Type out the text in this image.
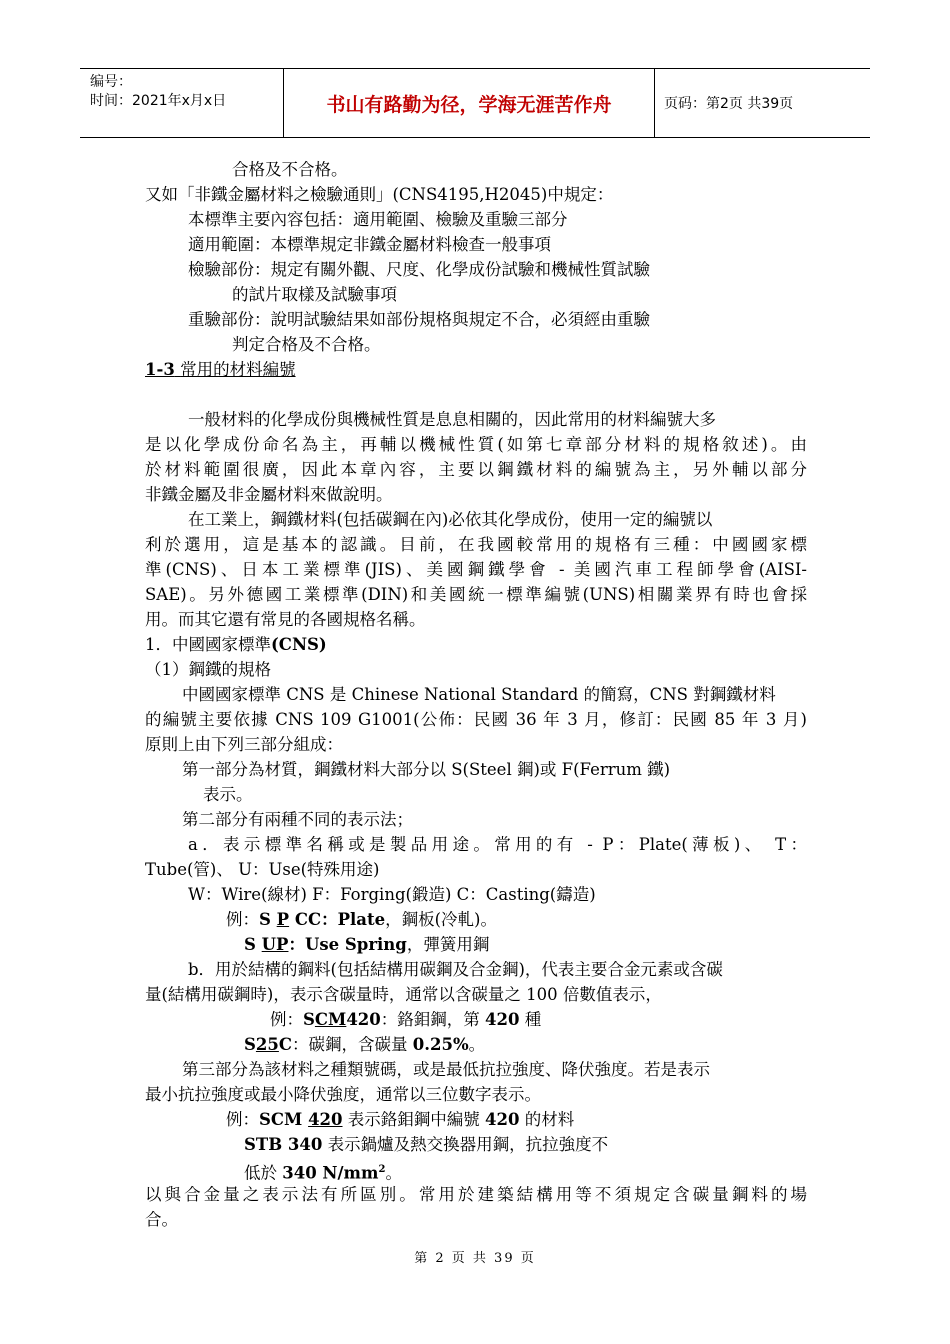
编号：
时间：2021年x月x日	书山有路勤为径，学海无涯苦作舟	页码：第2页 共39页
合格及不合格。
又如「非鐵金屬材料之檢驗通則」(CNS4195,H2045)中規定：
本標準主要內容包括：適用範圍、檢驗及重驗三部分
適用範圍：本標準規定非鐵金屬材料檢查一般事項
檢驗部份：規定有關外觀、尺度、化學成份試驗和機械性質試驗
的試片取樣及試驗事項
重驗部份：說明試驗結果如部份規格與規定不合，必須經由重驗
判定合格及不合格。
1-3 常用的材料編號
一般材料的化學成份與機械性質是息息相關的，因此常用的材料編號大多
是以化學成份命名為主，再輔以機械性質(如第七章部分材料的規格敘述)。由
於材料範圍很廣，因此本章內容，主要以鋼鐵材料的編號為主，另外輔以部分
非鐵金屬及非金屬材料來做說明。
在工業上，鋼鐵材料(包括碳鋼在內)必依其化學成份，使用一定的編號以
利於選用，這是基本的認識。目前，在我國較常用的規格有三種：中國國家標
準(CNS)、日本工業標準(JIS)、美國鋼鐵學會 - 美國汽車工程師學會(AISI-
SAE)。另外德國工業標準(DIN)和美國統一標準編號(UNS)相關業界有時也會採
用。而其它還有常見的各國規格名稱。
1．中國國家標準(CNS)
（1）鋼鐵的規格
中國國家標準 CNS 是 Chinese National Standard 的簡寫，CNS 對鋼鐵材料
的編號主要依據 CNS 109 G1001(公佈：民國 36 年 3 月，修訂：民國 85 年 3 月)
原則上由下列三部分組成：
第一部分為材質，鋼鐵材料大部分以 S(Steel 鋼)或 F(Ferrum 鐵)
表示。
第二部分有兩種不同的表示法；
a．表示標準名稱或是製品用途。常用的有 - P：Plate(薄板)、 T：
Tube(管)、 U：Use(特殊用途)
W：Wire(線材) F：Forging(鍛造) C：Casting(鑄造)
例：S P CC：Plate，鋼板(冷軋)。
S UP：Use Spring，彈簧用鋼
b．用於結構的鋼料(包括結構用碳鋼及合金鋼)，代表主要合金元素或含碳
量(結構用碳鋼時)，表示含碳量時，通常以含碳量之 100 倍數值表示，
例：SCM420：鉻鉬鋼，第 420 種
S25C：碳鋼，含碳量 0.25%。
第三部分為該材料之種類號碼，或是最低抗拉強度、降伏強度。若是表示
最小抗拉強度或最小降伏強度，通常以三位數字表示。
例：SCM 420 表示鉻鉬鋼中編號 420 的材料
STB 340 表示鍋爐及熱交換器用鋼，抗拉強度不
低於 340 $N/mm^2$。
以與合金量之表示法有所區別。常用於建築結構用等不須規定含碳量鋼料的場
合。
第 2 页 共 39 页
